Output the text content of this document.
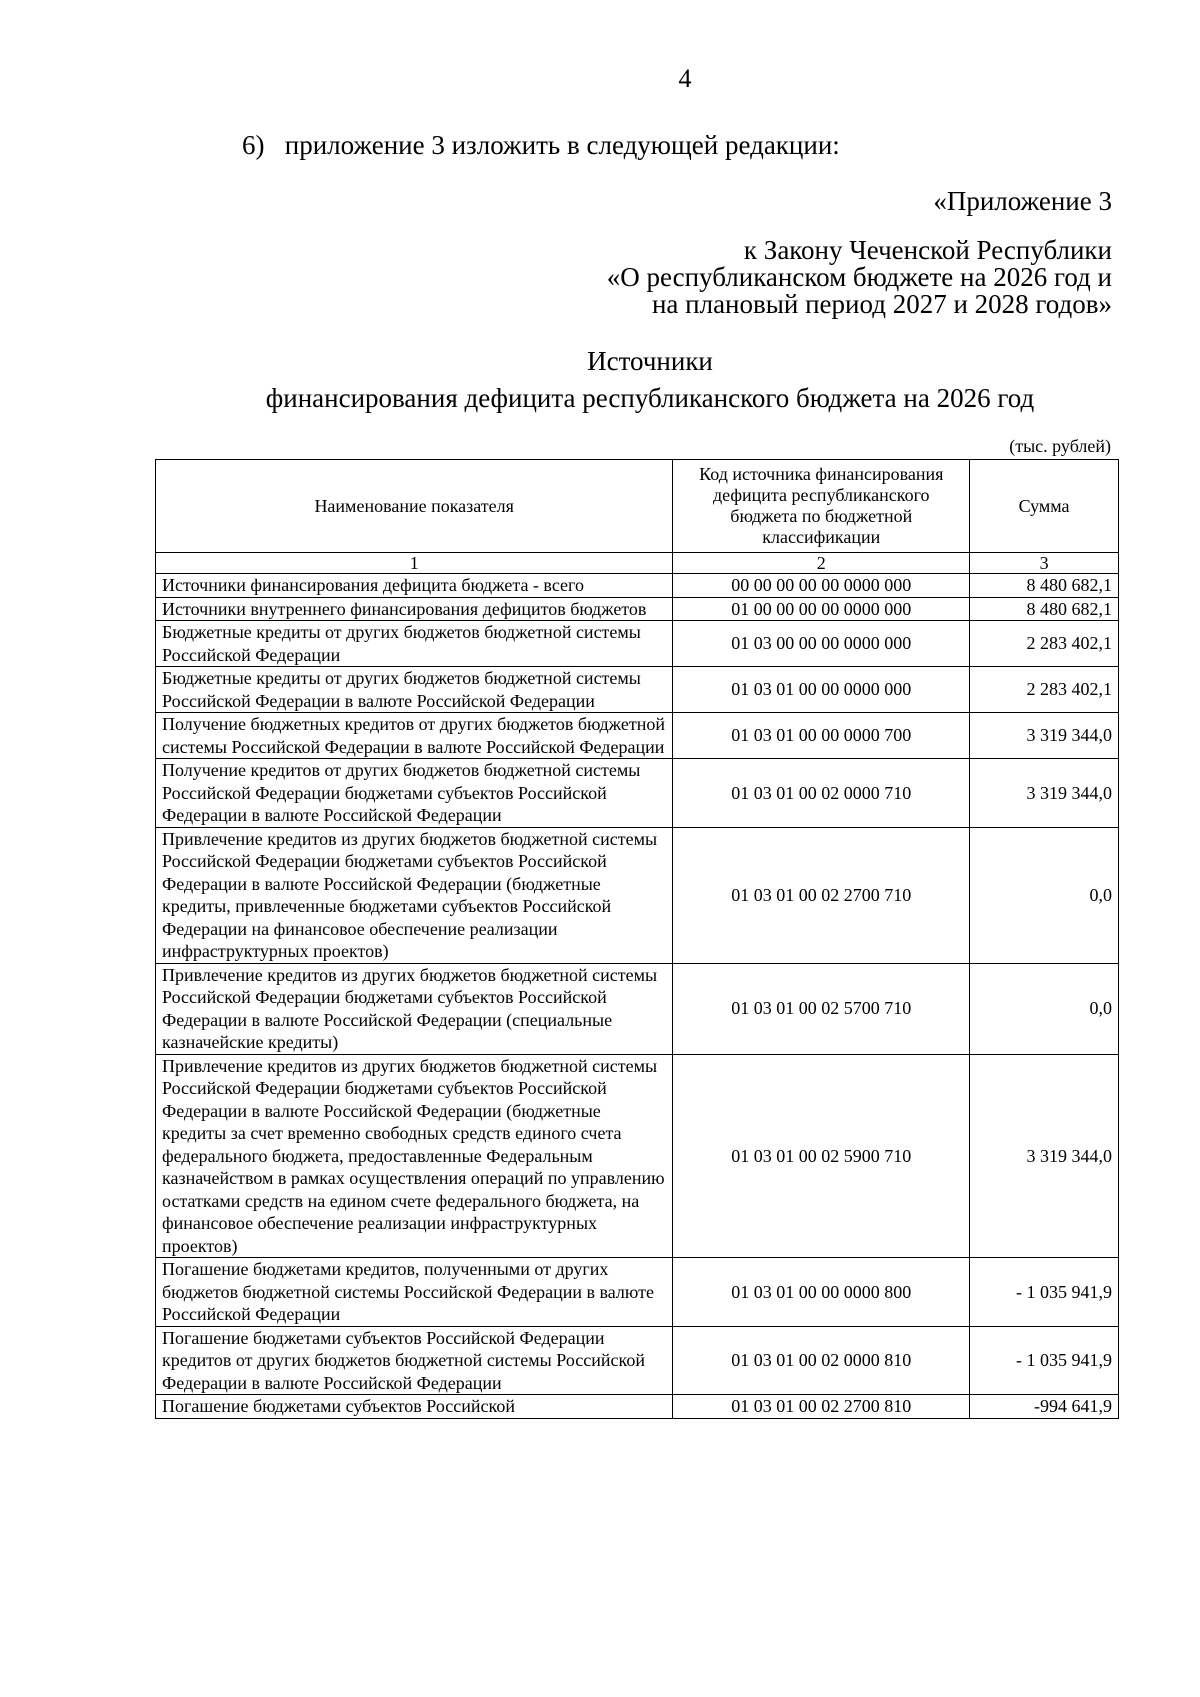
4
6)   приложение 3 изложить в следующей редакции:
«Приложение 3
к Закону Чеченской Республики
«О республиканском бюджете на 2026 год и
на плановый период 2027 и 2028 годов»
Источники
финансирования дефицита республиканского бюджета на 2026 год
(тыс. рублей)
Наименование показателя	Код источника финансирования дефицита республиканского бюджета по бюджетной классификации	Сумма
1	2	3
Источники финансирования дефицита бюджета - всего	00 00 00 00 00 0000 000	8 480 682,1
Источники внутреннего финансирования дефицитов бюджетов	01 00 00 00 00 0000 000	8 480 682,1
Бюджетные кредиты от других бюджетов бюджетной системы Российской Федерации	01 03 00 00 00 0000 000	2 283 402,1
Бюджетные кредиты от других бюджетов бюджетной системы Российской Федерации в валюте Российской Федерации	01 03 01 00 00 0000 000	2 283 402,1
Получение бюджетных кредитов от других бюджетов бюджетной системы Российской Федерации в валюте Российской Федерации	01 03 01 00 00 0000 700	3 319 344,0
Получение кредитов от других бюджетов бюджетной системы Российской Федерации бюджетами субъектов Российской Федерации в валюте Российской Федерации	01 03 01 00 02 0000 710	3 319 344,0
Привлечение кредитов из других бюджетов бюджетной системы Российской Федерации бюджетами субъектов Российской Федерации в валюте Российской Федерации (бюджетные кредиты, привлеченные бюджетами субъектов Российской Федерации на финансовое обеспечение реализации инфраструктурных проектов)	01 03 01 00 02 2700 710	0,0
Привлечение кредитов из других бюджетов бюджетной системы Российской Федерации бюджетами субъектов Российской Федерации в валюте Российской Федерации (специальные казначейские кредиты)	01 03 01 00 02 5700 710	0,0
Привлечение кредитов из других бюджетов бюджетной системы Российской Федерации бюджетами субъектов Российской Федерации в валюте Российской Федерации (бюджетные кредиты за счет временно свободных средств единого счета федерального бюджета, предоставленные Федеральным казначейством в рамках осуществления операций по управлению остатками средств на едином счете федерального бюджета, на финансовое обеспечение реализации инфраструктурных проектов)	01 03 01 00 02 5900 710	3 319 344,0
Погашение бюджетами кредитов, полученными от других бюджетов бюджетной системы Российской Федерации в валюте Российской Федерации	01 03 01 00 00 0000 800	- 1 035 941,9
Погашение бюджетами субъектов Российской Федерации кредитов от других бюджетов бюджетной системы Российской Федерации в валюте Российской Федерации	01 03 01 00 02 0000 810	- 1 035 941,9
Погашение бюджетами субъектов Российской	01 03 01 00 02 2700 810	-994 641,9
